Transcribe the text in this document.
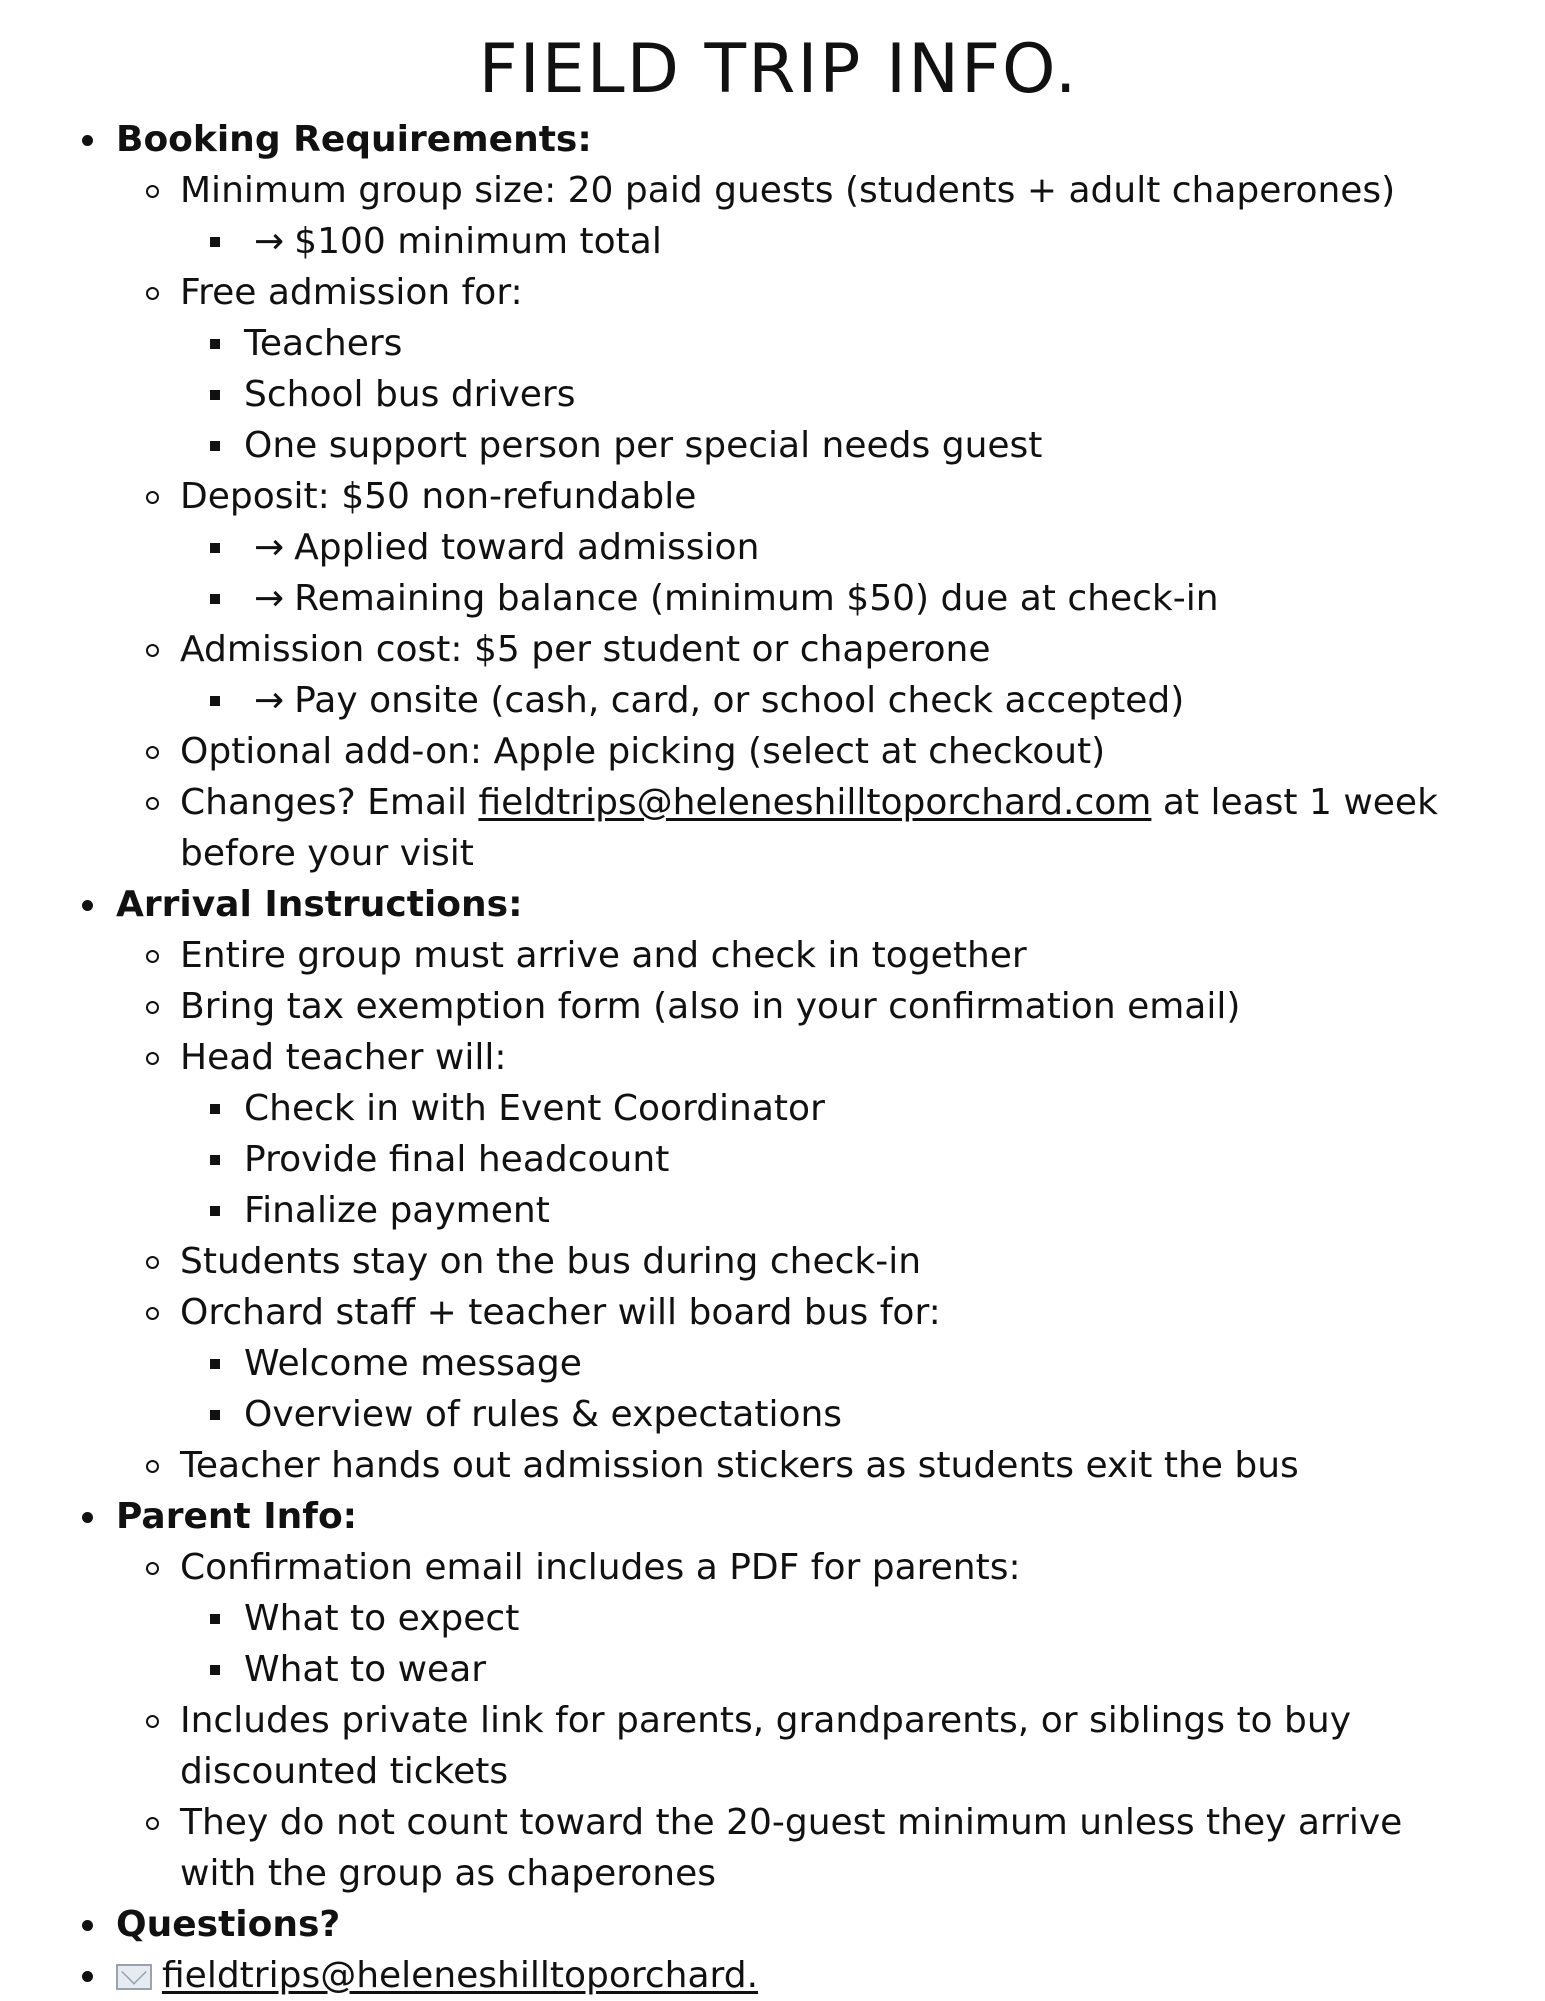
FIELD TRIP INFO.
Booking Requirements:
Minimum group size: 20 paid guests (students + adult chaperones)
→ $100 minimum total
Free admission for:
Teachers
School bus drivers
One support person per special needs guest
Deposit: $50 non-refundable
→ Applied toward admission
→ Remaining balance (minimum $50) due at check-in
Admission cost: $5 per student or chaperone
→ Pay onsite (cash, card, or school check accepted)
Optional add-on: Apple picking (select at checkout)
Changes? Email fieldtrips@heleneshilltoporchard.com at least 1 week before your visit
Arrival Instructions:
Entire group must arrive and check in together
Bring tax exemption form (also in your confirmation email)
Head teacher will:
Check in with Event Coordinator
Provide final headcount
Finalize payment
Students stay on the bus during check-in
Orchard staff + teacher will board bus for:
Welcome message
Overview of rules & expectations
Teacher hands out admission stickers as students exit the bus
Parent Info:
Confirmation email includes a PDF for parents:
What to expect
What to wear
Includes private link for parents, grandparents, or siblings to buy discounted tickets
They do not count toward the 20-guest minimum unless they arrive with the group as chaperones
Questions?
fieldtrips@heleneshilltoporchard.
